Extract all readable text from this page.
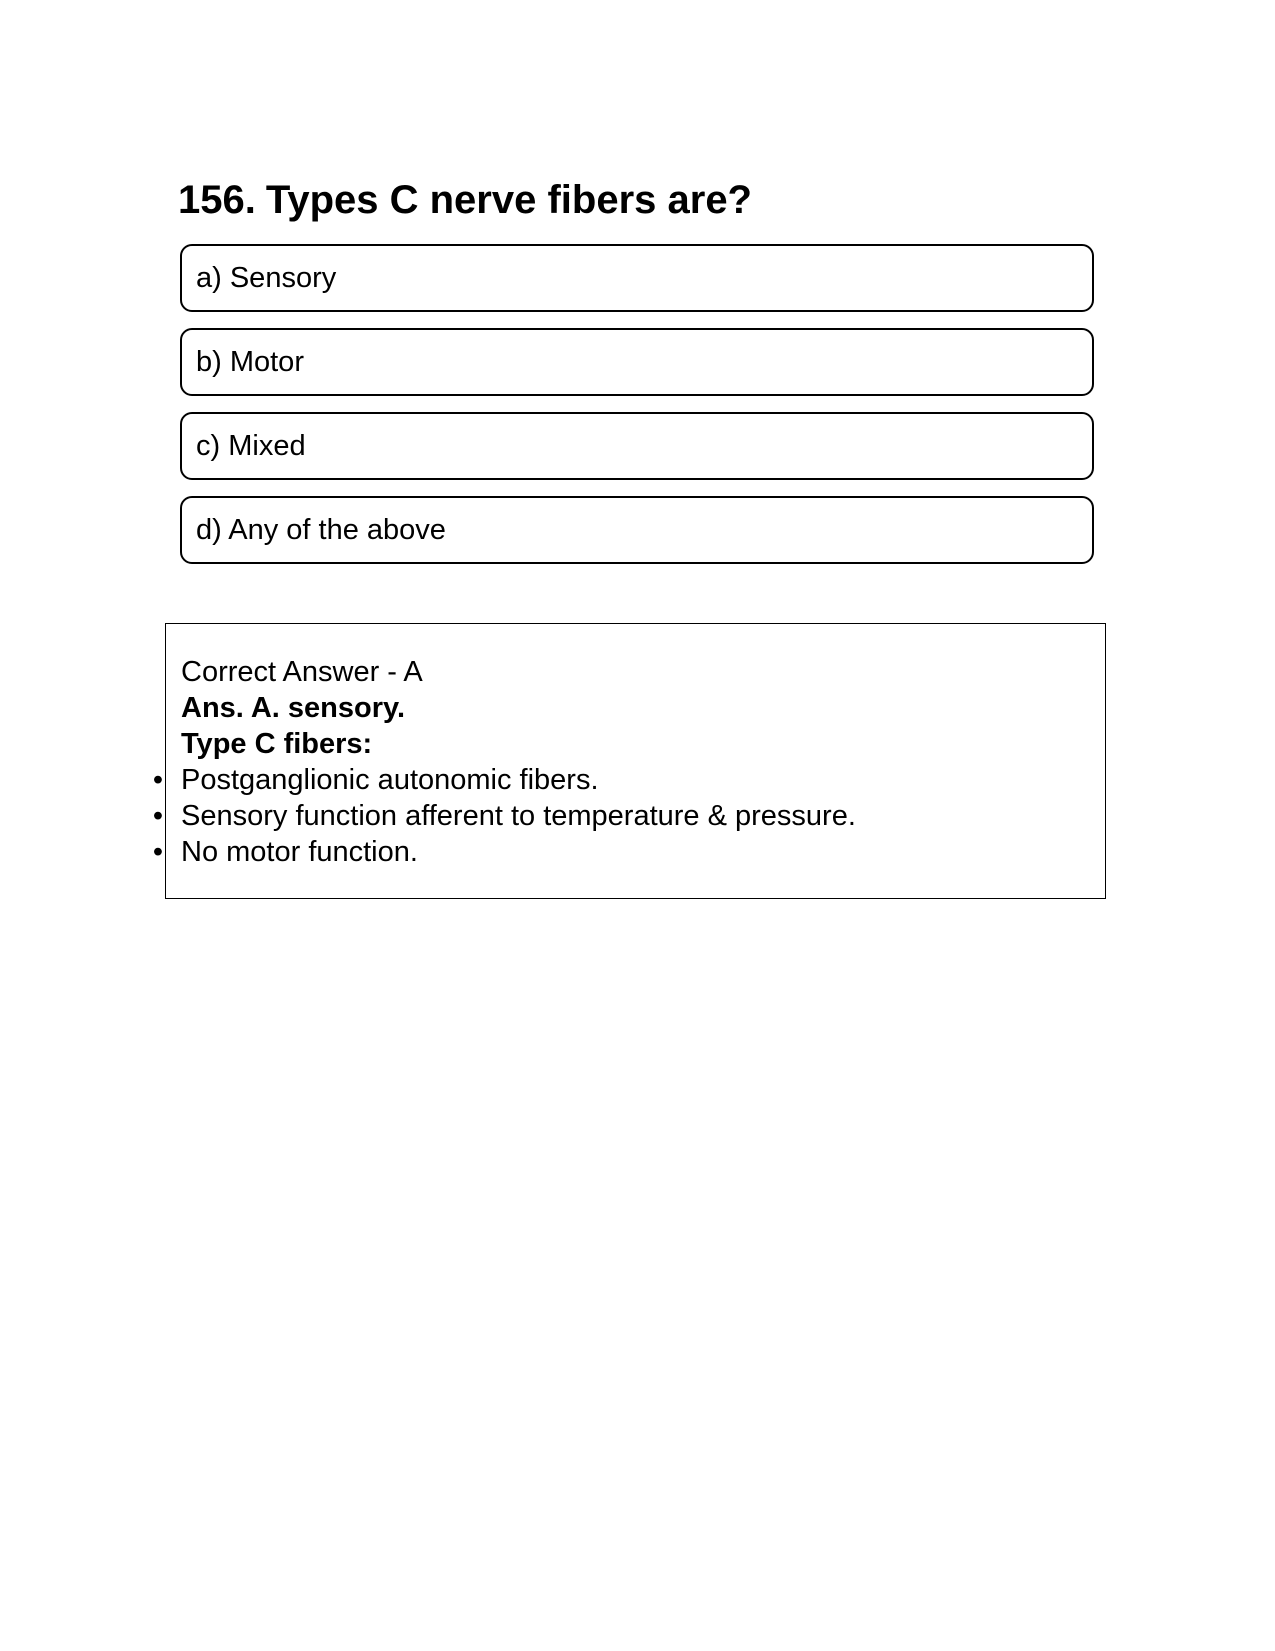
156. Types C nerve fibers are?
a) Sensory
b) Motor
c) Mixed
d) Any of the above

Correct Answer - A

Ans. A. sensory.

Type C fibers:

• Postganglionic autonomic fibers.
• Sensory function afferent to temperature & pressure.
• No motor function.
